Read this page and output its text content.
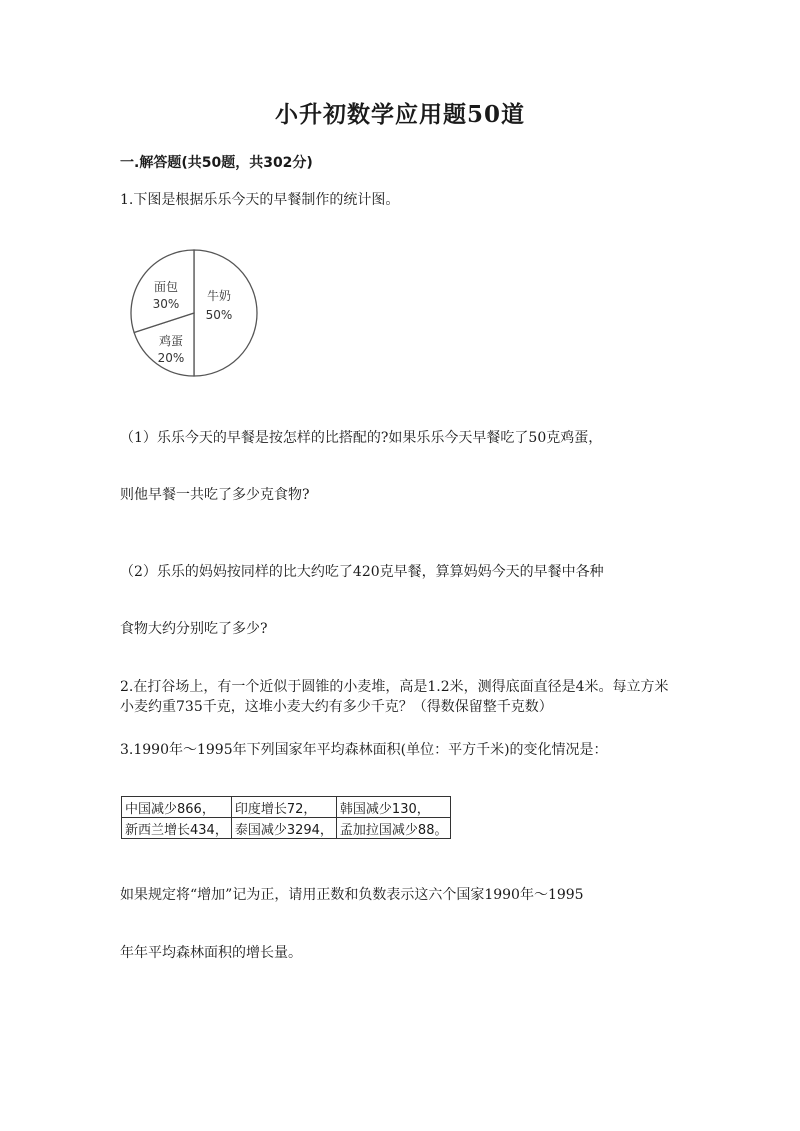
小升初数学应用题50道
一.解答题(共50题，共302分)
1.下图是根据乐乐今天的早餐制作的统计图。
牛奶
50%
鸡蛋
20%
面包
30%
（1）乐乐今天的早餐是按怎样的比搭配的?如果乐乐今天早餐吃了50克鸡蛋，
则他早餐一共吃了多少克食物?
（2）乐乐的妈妈按同样的比大约吃了420克早餐，算算妈妈今天的早餐中各种
食物大约分别吃了多少?
2.在打谷场上，有一个近似于圆锥的小麦堆，高是1.2米，测得底面直径是4米。每立方米小麦约重735千克，这堆小麦大约有多少千克？（得数保留整千克数）
3.1990年～1995年下列国家年平均森林面积(单位：平方千米)的变化情况是：
中国减少866，	印度增长72，	韩国减少130，
新西兰增长434，	泰国减少3294，	孟加拉国减少88。
如果规定将“增加”记为正，请用正数和负数表示这六个国家1990年～1995
年年平均森林面积的增长量。
